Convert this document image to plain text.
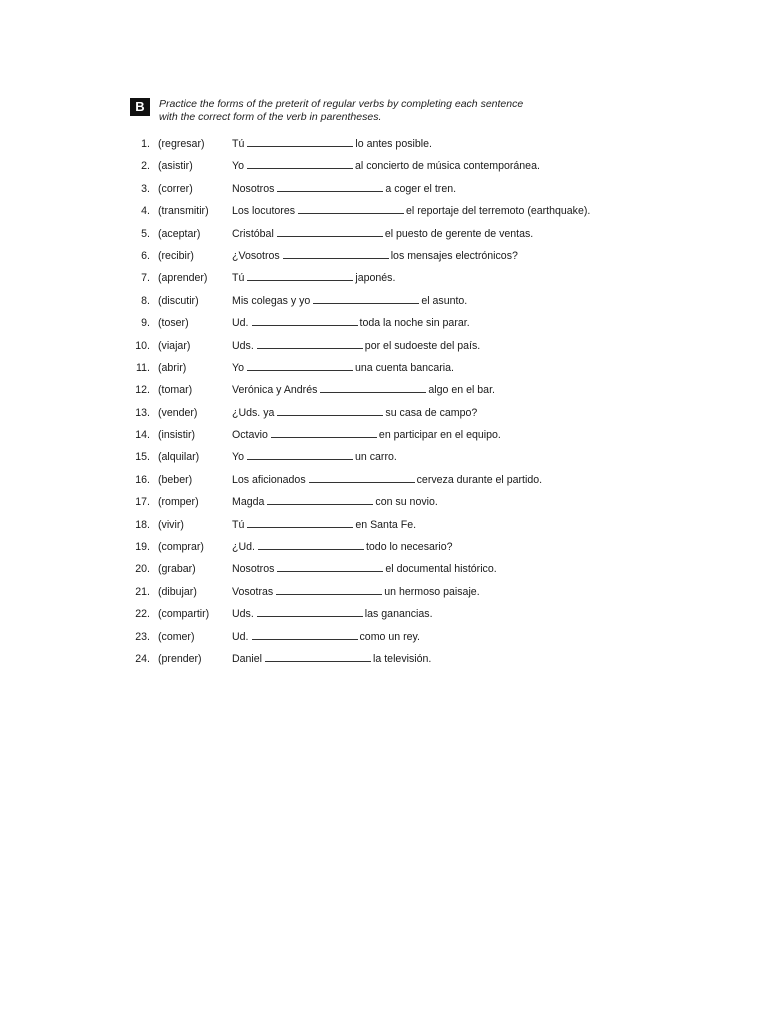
B	Practice the forms of the preterit of regular verbs by completing each sentence
with the correct form of the verb in parentheses.
1. (regresar)	Tú	lo antes posible.
2. (asistir)	Yo	al concierto de música contemporánea.
3. (correr)	Nosotros	a coger el tren.
4. (transmitir) Los locutores	el reportaje del terremoto (earthquake).
5. (aceptar)	Cristóbal	el puesto de gerente de ventas.
6. (recibir)	¿Vosotros	los mensajes electrónicos?
7. (aprender) Tú	japonés.
8. (discutir)	Mis colegas y yo	el asunto.
9. (toser)	Ud.	toda la noche sin parar.
10. (viajar)	Uds.	por el sudoeste del país.
11. (abrir)	Yo	una cuenta bancaria.
12. (tomar)	Verónica y Andrés	algo en el bar.
13. (vender)	¿Uds. ya	su casa de campo?
14. (insistir)	Octavio	en participar en el equipo.
15. (alquilar)	Yo	un carro.
16. (beber)	Los aficionados	cerveza durante el partido.
17. (romper)	Magda	con su novio.
18. (vivir)	Tú	en Santa Fe.
19. (comprar)	¿Ud.	todo lo necesario?
20. (grabar)	Nosotros	el documental histórico.
21. (dibujar)	Vosotras	un hermoso paisaje.
22. (compartir) Uds.	las ganancias.
23. (comer)	Ud.	como un rey.
24. (prender)	Daniel	la televisión.
